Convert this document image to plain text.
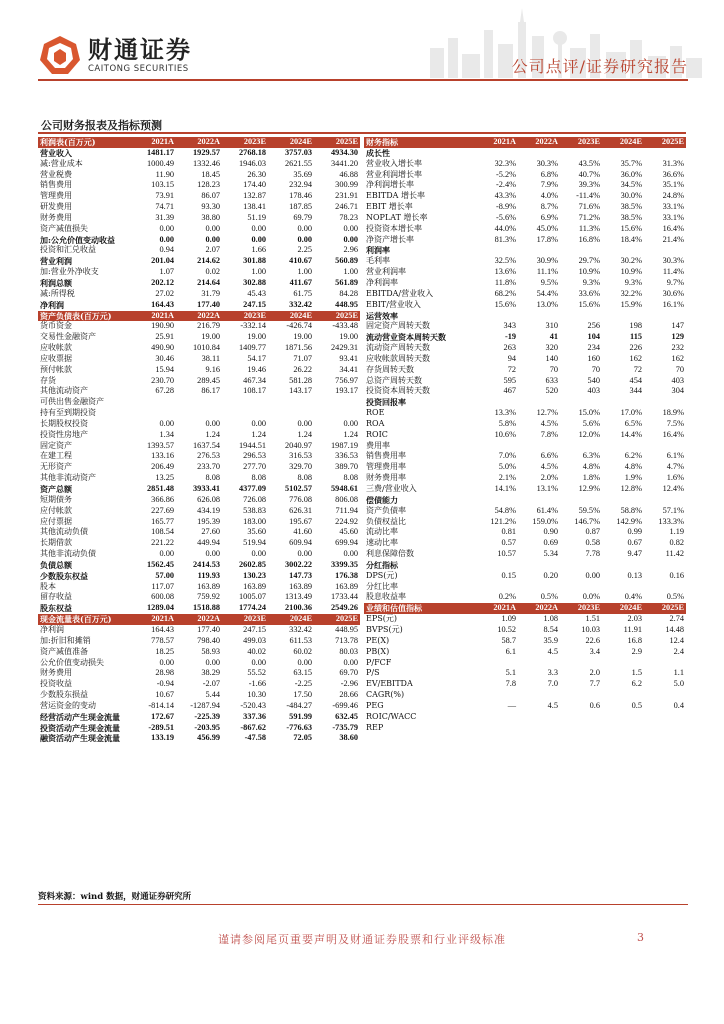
财通证券
CAITONG SECURITIES	公司点评/证券研究报告
公司财务报表及指标预测
利润表(百万元)	2021A	2022A	2023E	2024E	2025E
营业收入	1481.17	1929.57	2768.18	3757.03	4934.30
减:营业成本	1000.49	1332.46	1946.03	2621.55	3441.20
营业税费	11.90	18.45	26.30	35.69	46.88
销售费用	103.15	128.23	174.40	232.94	300.99
管理费用	73.91	86.07	132.87	178.46	231.91
研发费用	74.71	93.30	138.41	187.85	246.71
财务费用	31.39	38.80	51.19	69.79	78.23
资产减值损失	0.00	0.00	0.00	0.00	0.00
加:公允价值变动收益	0.00	0.00	0.00	0.00	0.00
投资和汇兑收益	0.94	2.07	1.66	2.25	2.96
营业利润	201.04	214.62	301.88	410.67	560.89
加:营业外净收支	1.07	0.02	1.00	1.00	1.00
利润总额	202.12	214.64	302.88	411.67	561.89
减:所得税	27.02	31.79	45.43	61.75	84.28
净利润	164.43	177.40	247.15	332.42	448.95
资产负债表(百万元)	2021A	2022A	2023E	2024E	2025E
货币资金	190.90	216.79	-332.14	-426.74	-433.48
交易性金融资产	25.91	19.00	19.00	19.00	19.00
应收帐款	490.90	1010.84	1409.77	1871.56	2429.31
应收票据	30.46	38.11	54.17	71.07	93.41
预付帐款	15.94	9.16	19.46	26.22	34.41
存货	230.70	289.45	467.34	581.28	756.97
其他流动资产	67.28	86.17	108.17	143.17	193.17
可供出售金融资产					
持有至到期投资					
长期股权投资	0.00	0.00	0.00	0.00	0.00
投资性房地产	1.34	1.24	1.24	1.24	1.24
固定资产	1393.57	1637.54	1944.51	2040.97	1987.19
在建工程	133.16	276.53	296.53	316.53	336.53
无形资产	206.49	233.70	277.70	329.70	389.70
其他非流动资产	13.25	8.08	8.08	8.08	8.08
资产总额	2851.48	3933.41	4377.09	5102.57	5948.61
短期债务	366.86	626.08	726.08	776.08	806.08
应付帐款	227.69	434.19	538.83	626.31	711.94
应付票据	165.77	195.39	183.00	195.67	224.92
其他流动负债	108.54	27.60	35.60	41.60	45.60
长期借款	221.22	449.94	519.94	609.94	699.94
其他非流动负债	0.00	0.00	0.00	0.00	0.00
负债总额	1562.45	2414.53	2602.85	3002.22	3399.35
少数股东权益	57.00	119.93	130.23	147.73	176.38
股本	117.07	163.89	163.89	163.89	163.89
留存收益	600.08	759.92	1005.07	1313.49	1733.44
股东权益	1289.04	1518.88	1774.24	2100.36	2549.26
现金流量表(百万元)	2021A	2022A	2023E	2024E	2025E
净利润	164.43	177.40	247.15	332.42	448.95
加:折旧和摊销	778.57	798.40	499.03	611.53	713.78
资产减值准备	18.25	58.93	40.02	60.02	80.03
公允价值变动损失	0.00	0.00	0.00	0.00	0.00
财务费用	28.98	38.29	55.52	63.15	69.70
投资收益	-0.94	-2.07	-1.66	-2.25	-2.96
少数股东损益	10.67	5.44	10.30	17.50	28.66
营运资金的变动	-814.14	-1287.94	-520.43	-484.27	-699.46
经营活动产生现金流量	172.67	-225.39	337.36	591.99	632.45
投资活动产生现金流量	-289.51	-203.95	-867.62	-776.63	-735.79
融资活动产生现金流量	133.19	456.99	-47.58	72.05	38.60
财务指标	2021A	2022A	2023E	2024E	2025E
成长性					
营业收入增长率	32.3%	30.3%	43.5%	35.7%	31.3%
营业利润增长率	-5.2%	6.8%	40.7%	36.0%	36.6%
净利润增长率	-2.4%	7.9%	39.3%	34.5%	35.1%
EBITDA 增长率	43.3%	4.0%	-11.4%	30.0%	24.8%
EBIT 增长率	-8.9%	8.7%	71.6%	38.5%	33.1%
NOPLAT 增长率	-5.6%	6.9%	71.2%	38.5%	33.1%
投资资本增长率	44.0%	45.0%	11.3%	15.6%	16.4%
净资产增长率	81.3%	17.8%	16.8%	18.4%	21.4%
利润率					
毛利率	32.5%	30.9%	29.7%	30.2%	30.3%
营业利润率	13.6%	11.1%	10.9%	10.9%	11.4%
净利润率	11.8%	9.5%	9.3%	9.3%	9.7%
EBITDA/营业收入	68.2%	54.4%	33.6%	32.2%	30.6%
EBIT/营业收入	15.6%	13.0%	15.6%	15.9%	16.1%
运营效率					
固定资产周转天数	343	310	256	198	147
流动营业资本周转天数	-19	41	104	115	129
流动资产周转天数	263	320	234	226	232
应收帐款周转天数	94	140	160	162	162
存货周转天数	72	70	70	72	70
总资产周转天数	595	633	540	454	403
投资资本周转天数	467	520	403	344	304
投资回报率					
ROE	13.3%	12.7%	15.0%	17.0%	18.9%
ROA	5.8%	4.5%	5.6%	6.5%	7.5%
ROIC	10.6%	7.8%	12.0%	14.4%	16.4%
费用率					
销售费用率	7.0%	6.6%	6.3%	6.2%	6.1%
管理费用率	5.0%	4.5%	4.8%	4.8%	4.7%
财务费用率	2.1%	2.0%	1.8%	1.9%	1.6%
三费/营业收入	14.1%	13.1%	12.9%	12.8%	12.4%
偿债能力					
资产负债率	54.8%	61.4%	59.5%	58.8%	57.1%
负债权益比	121.2%	159.0%	146.7%	142.9%	133.3%
流动比率	0.81	0.90	0.87	0.99	1.19
速动比率	0.57	0.69	0.58	0.67	0.82
利息保障倍数	10.57	5.34	7.78	9.47	11.42
分红指标					
DPS(元)	0.15	0.20	0.00	0.13	0.16
分红比率					
股息收益率	0.2%	0.5%	0.0%	0.4%	0.5%
业绩和估值指标	2021A	2022A	2023E	2024E	2025E
EPS(元)	1.09	1.08	1.51	2.03	2.74
BVPS(元)	10.52	8.54	10.03	11.91	14.48
PE(X)	58.7	35.9	22.6	16.8	12.4
PB(X)	6.1	4.5	3.4	2.9	2.4
P/FCF					
P/S	5.1	3.3	2.0	1.5	1.1
EV/EBITDA	7.8	7.0	7.7	6.2	5.0
CAGR(%)					
PEG	—	4.5	0.6	0.5	0.4
ROIC/WACC					
REP					
资料来源：wind 数据，财通证券研究所
谨请参阅尾页重要声明及财通证券股票和行业评级标准	3
